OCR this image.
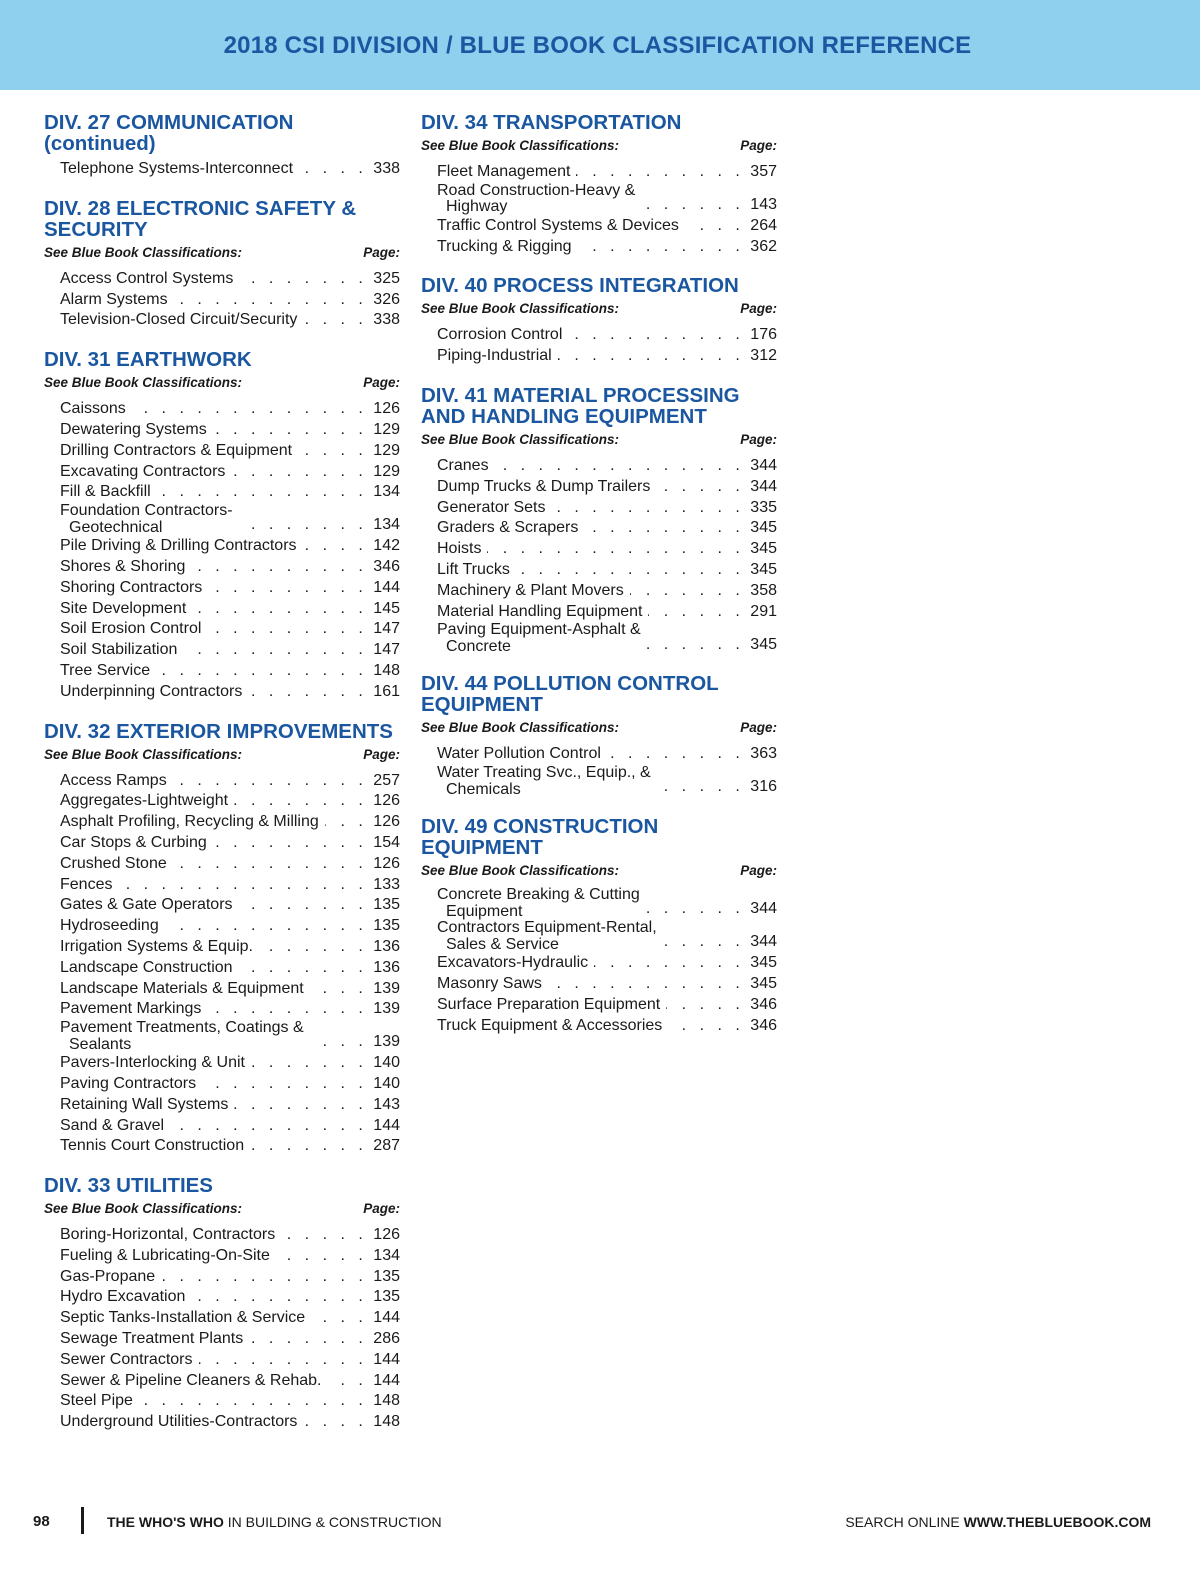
2018 CSI DIVISION / BLUE BOOK CLASSIFICATION REFERENCE
DIV. 27 COMMUNICATION
(continued)
Telephone Systems-Interconnect . . .	338
DIV. 28 ELECTRONIC SAFETY &
SECURITY
See Blue Book Classifications:	Page:
Access Control Systems . . .	325
Alarm Systems . . .	326
Television-Closed Circuit/Security . . .	338
DIV. 31 EARTHWORK
See Blue Book Classifications:	Page:
Caissons . . .	126
Dewatering Systems . . .	129
Drilling Contractors & Equipment . . .	129
Excavating Contractors . . .	129
Fill & Backfill . . .	134
Foundation Contractors-
Geotechnical . . .	134
Pile Driving & Drilling Contractors . . .	142
Shores & Shoring . . .	346
Shoring Contractors . . .	144
Site Development . . .	145
Soil Erosion Control . . .	147
Soil Stabilization . . .	147
Tree Service . . .	148
Underpinning Contractors . . .	161
DIV. 32 EXTERIOR IMPROVEMENTS
See Blue Book Classifications:	Page:
Access Ramps . . .	257
Aggregates-Lightweight . . .	126
Asphalt Profiling, Recycling & Milling . . .	126
Car Stops & Curbing . . .	154
Crushed Stone . . .	126
Fences . . .	133
Gates & Gate Operators . . .	135
Hydroseeding . . .	135
Irrigation Systems & Equip. . . .	136
Landscape Construction . . .	136
Landscape Materials & Equipment . . .	139
Pavement Markings . . .	139
Pavement Treatments, Coatings &
Sealants . . .	139
Pavers-Interlocking & Unit . . .	140
Paving Contractors . . .	140
Retaining Wall Systems . . .	143
Sand & Gravel . . .	144
Tennis Court Construction . . .	287
DIV. 33 UTILITIES
See Blue Book Classifications:	Page:
Boring-Horizontal, Contractors . . .	126
Fueling & Lubricating-On-Site . . .	134
Gas-Propane . . .	135
Hydro Excavation . . .	135
Septic Tanks-Installation & Service . . .	144
Sewage Treatment Plants . . .	286
Sewer Contractors . . .	144
Sewer & Pipeline Cleaners & Rehab. . . .	144
Steel Pipe . . .	148
Underground Utilities-Contractors . . .	148
DIV. 34 TRANSPORTATION
See Blue Book Classifications:	Page:
Fleet Management . . .	357
Road Construction-Heavy &
Highway . . .	143
Traffic Control Systems & Devices . . .	264
Trucking & Rigging . . .	362
DIV. 40 PROCESS INTEGRATION
See Blue Book Classifications:	Page:
Corrosion Control . . .	176
Piping-Industrial . . .	312
DIV. 41 MATERIAL PROCESSING
AND HANDLING EQUIPMENT
See Blue Book Classifications:	Page:
Cranes . . .	344
Dump Trucks & Dump Trailers . . .	344
Generator Sets . . .	335
Graders & Scrapers . . .	345
Hoists . . .	345
Lift Trucks . . .	345
Machinery & Plant Movers . . .	358
Material Handling Equipment . . .	291
Paving Equipment-Asphalt &
Concrete . . .	345
DIV. 44 POLLUTION CONTROL
EQUIPMENT
See Blue Book Classifications:	Page:
Water Pollution Control . . .	363
Water Treating Svc., Equip., &
Chemicals . . .	316
DIV. 49 CONSTRUCTION
EQUIPMENT
See Blue Book Classifications:	Page:
Concrete Breaking & Cutting
Equipment . . .	344
Contractors Equipment-Rental,
Sales & Service . . .	344
Excavators-Hydraulic . . .	345
Masonry Saws . . .	345
Surface Preparation Equipment . . .	346
Truck Equipment & Accessories . . .	346
98	THE WHO'S WHO IN BUILDING & CONSTRUCTION	SEARCH ONLINE WWW.THEBLUEBOOK.COM
